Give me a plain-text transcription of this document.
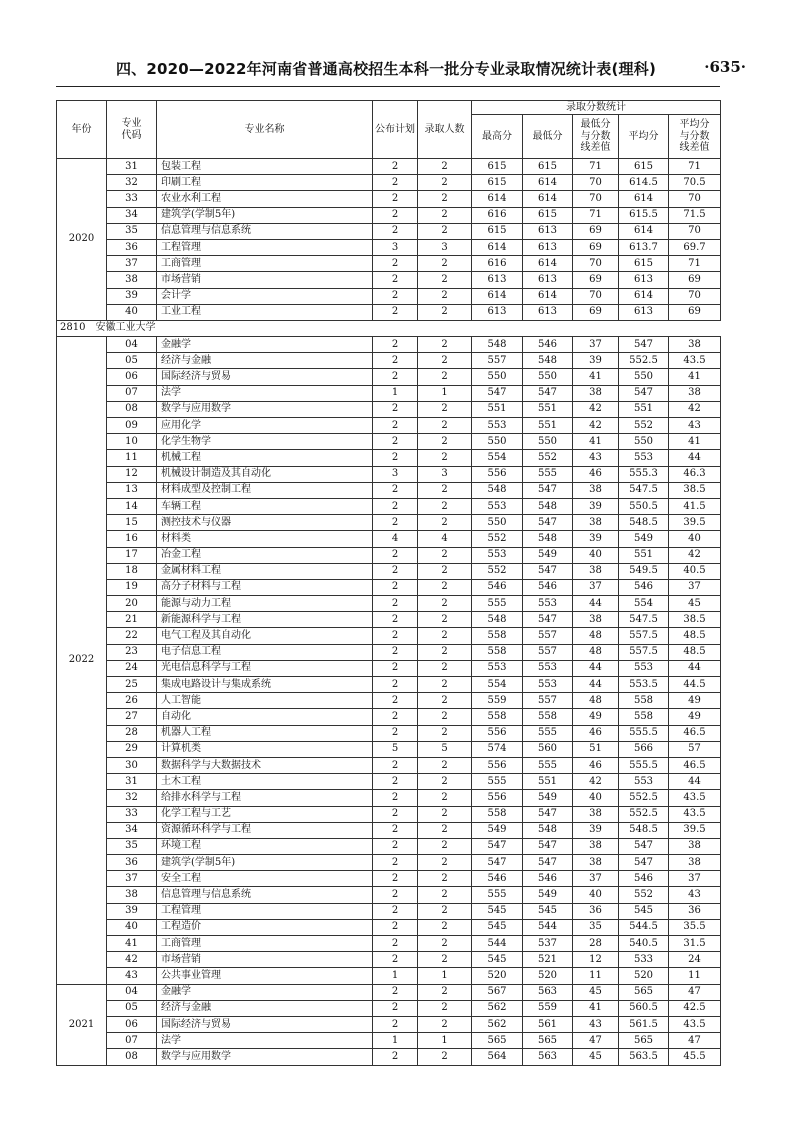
四、2020—2022年河南省普通高校招生本科一批分专业录取情况统计表(理科)	·635·
年份	专业代码	专业名称	公布计划	录取人数	录取分数统计				
					最高分	最低分	最低分与分数线差值	平均分	平均分与分数线差值
2020	31	包装工程	2	2	615	615	71	615	71
	32	印刷工程	2	2	615	614	70	614.5	70.5
	33	农业水利工程	2	2	614	614	70	614	70
	34	建筑学(学制5年)	2	2	616	615	71	615.5	71.5
	35	信息管理与信息系统	2	2	615	613	69	614	70
	36	工程管理	3	3	614	613	69	613.7	69.7
	37	工商管理	2	2	616	614	70	615	71
	38	市场营销	2	2	613	613	69	613	69
	39	会计学	2	2	614	614	70	614	70
	40	工业工程	2	2	613	613	69	613	69
2810　安徽工业大学									
2022	04	金融学	2	2	548	546	37	547	38
	05	经济与金融	2	2	557	548	39	552.5	43.5
	06	国际经济与贸易	2	2	550	550	41	550	41
	07	法学	1	1	547	547	38	547	38
	08	数学与应用数学	2	2	551	551	42	551	42
	09	应用化学	2	2	553	551	42	552	43
	10	化学生物学	2	2	550	550	41	550	41
	11	机械工程	2	2	554	552	43	553	44
	12	机械设计制造及其自动化	3	3	556	555	46	555.3	46.3
	13	材料成型及控制工程	2	2	548	547	38	547.5	38.5
	14	车辆工程	2	2	553	548	39	550.5	41.5
	15	测控技术与仪器	2	2	550	547	38	548.5	39.5
	16	材料类	4	4	552	548	39	549	40
	17	冶金工程	2	2	553	549	40	551	42
	18	金属材料工程	2	2	552	547	38	549.5	40.5
	19	高分子材料与工程	2	2	546	546	37	546	37
	20	能源与动力工程	2	2	555	553	44	554	45
	21	新能源科学与工程	2	2	548	547	38	547.5	38.5
	22	电气工程及其自动化	2	2	558	557	48	557.5	48.5
	23	电子信息工程	2	2	558	557	48	557.5	48.5
	24	光电信息科学与工程	2	2	553	553	44	553	44
	25	集成电路设计与集成系统	2	2	554	553	44	553.5	44.5
	26	人工智能	2	2	559	557	48	558	49
	27	自动化	2	2	558	558	49	558	49
	28	机器人工程	2	2	556	555	46	555.5	46.5
	29	计算机类	5	5	574	560	51	566	57
	30	数据科学与大数据技术	2	2	556	555	46	555.5	46.5
	31	土木工程	2	2	555	551	42	553	44
	32	给排水科学与工程	2	2	556	549	40	552.5	43.5
	33	化学工程与工艺	2	2	558	547	38	552.5	43.5
	34	资源循环科学与工程	2	2	549	548	39	548.5	39.5
	35	环境工程	2	2	547	547	38	547	38
	36	建筑学(学制5年)	2	2	547	547	38	547	38
	37	安全工程	2	2	546	546	37	546	37
	38	信息管理与信息系统	2	2	555	549	40	552	43
	39	工程管理	2	2	545	545	36	545	36
	40	工程造价	2	2	545	544	35	544.5	35.5
	41	工商管理	2	2	544	537	28	540.5	31.5
	42	市场营销	2	2	545	521	12	533	24
	43	公共事业管理	1	1	520	520	11	520	11
2021	04	金融学	2	2	567	563	45	565	47
	05	经济与金融	2	2	562	559	41	560.5	42.5
	06	国际经济与贸易	2	2	562	561	43	561.5	43.5
	07	法学	1	1	565	565	47	565	47
	08	数学与应用数学	2	2	564	563	45	563.5	45.5
